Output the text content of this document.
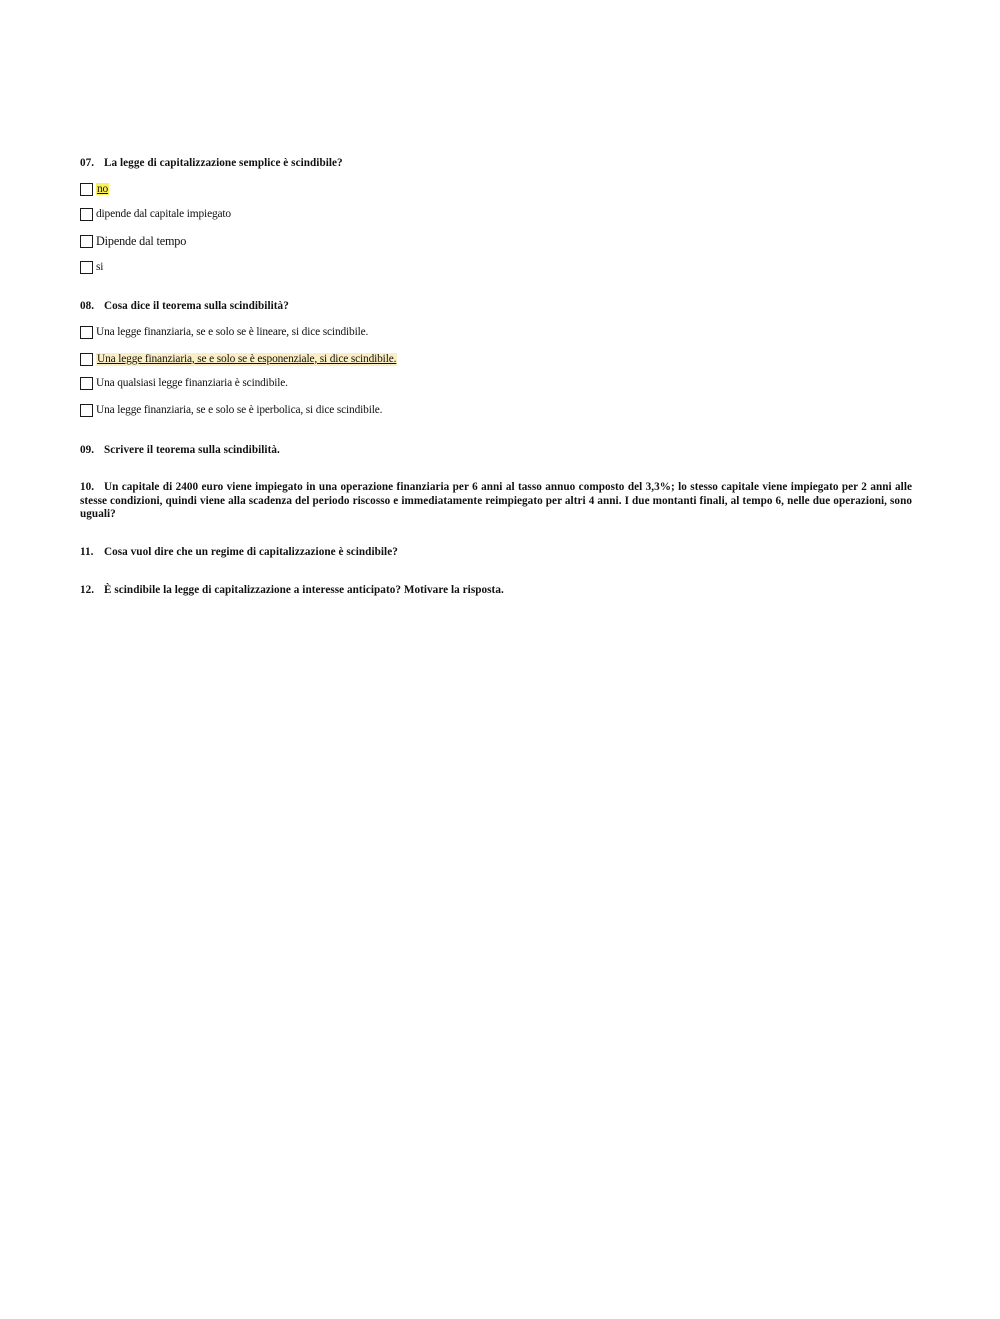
07. La legge di capitalizzazione semplice è scindibile?
no
dipende dal capitale impiegato
Dipende dal tempo
si
08. Cosa dice il teorema sulla scindibilità?
Una legge finanziaria, se e solo se è lineare, si dice scindibile.
Una legge finanziaria, se e solo se è esponenziale, si dice scindibile.
Una qualsiasi legge finanziaria è scindibile.
Una legge finanziaria, se e solo se è iperbolica, si dice scindibile.
09. Scrivere il teorema sulla scindibilità.
10. Un capitale di 2400 euro viene impiegato in una operazione finanziaria per 6 anni al tasso annuo composto del 3,3%; lo stesso capitale viene impiegato per 2 anni alle stesse condizioni, quindi viene alla scadenza del periodo riscosso e immediatamente reimpiegato per altri 4 anni. I due montanti finali, al tempo 6, nelle due operazioni, sono uguali?
11. Cosa vuol dire che un regime di capitalizzazione è scindibile?
12. È scindibile la legge di capitalizzazione a interesse anticipato? Motivare la risposta.
